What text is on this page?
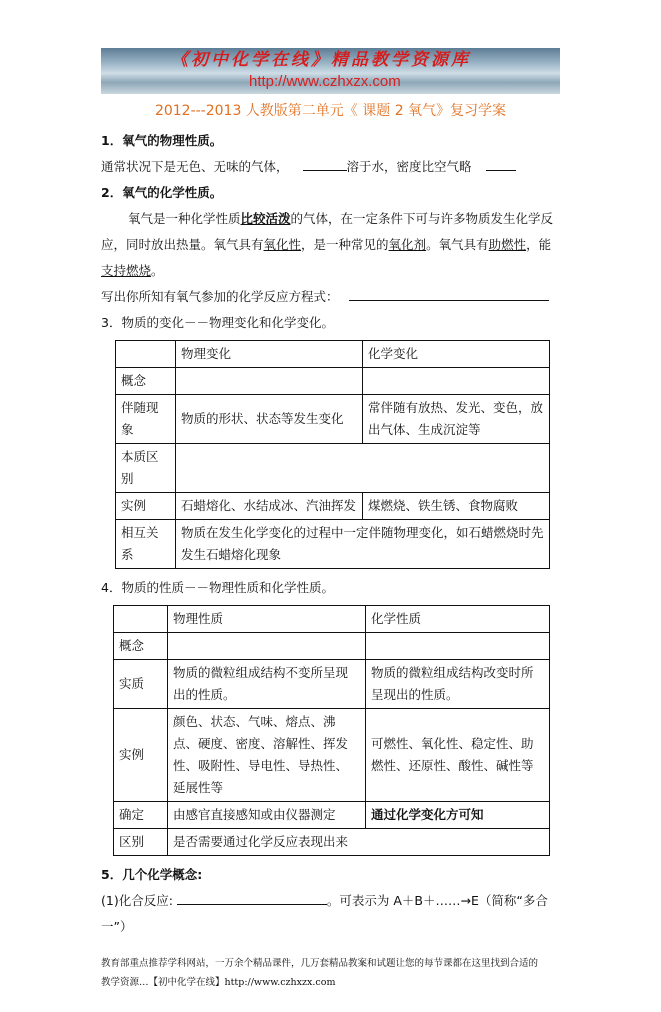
《初中化学在线》精品教学资源库
http://www.czhxzx.com
2012---2013 人教版第二单元《 课题 2 氧气》复习学案

1．氧气的物理性质。

通常状况下是无色、无味的气体，	溶于水，密度比空气略

2．氧气的化学性质。

氧气是一种化学性质比较活泼的气体，在一定条件下可与许多物质发生化学反应，同时放出热量。氧气具有氧化性，是一种常见的氧化剂。氧气具有助燃性，能支持燃烧。

写出你所知有氧气参加的化学反应方程式：

3．物质的变化－－物理变化和化学变化。

	物理变化	化学变化
概念		
伴随现象	物质的形状、状态等发生变化	常伴随有放热、发光、变色，放出气体、生成沉淀等
本质区别		
实例	石蜡熔化、水结成冰、汽油挥发	煤燃烧、铁生锈、食物腐败
相互关系	物质在发生化学变化的过程中一定伴随物理变化，如石蜡燃烧时先发生石蜡熔化现象	

4．物质的性质－－物理性质和化学性质。

	物理性质	化学性质
概念		
实质	物质的微粒组成结构不变所呈现出的性质。	物质的微粒组成结构改变时所呈现出的性质。
实例	颜色、状态、气味、熔点、沸点、硬度、密度、溶解性、挥发性、吸附性、导电性、导热性、延展性等	可燃性、氧化性、稳定性、助燃性、还原性、酸性、碱性等
确定	由感官直接感知或由仪器测定	通过化学变化方可知
区别	是否需要通过化学反应表现出来	

5．几个化学概念:

(1)化合反应:	。可表示为 A＋B＋……→E（简称“多合一”）

教育部重点推荐学科网站，一万余个精品课件，几万套精品教案和试题让您的每节课都在这里找到合适的
教学资源…【初中化学在线】http://www.czhxzx.com
